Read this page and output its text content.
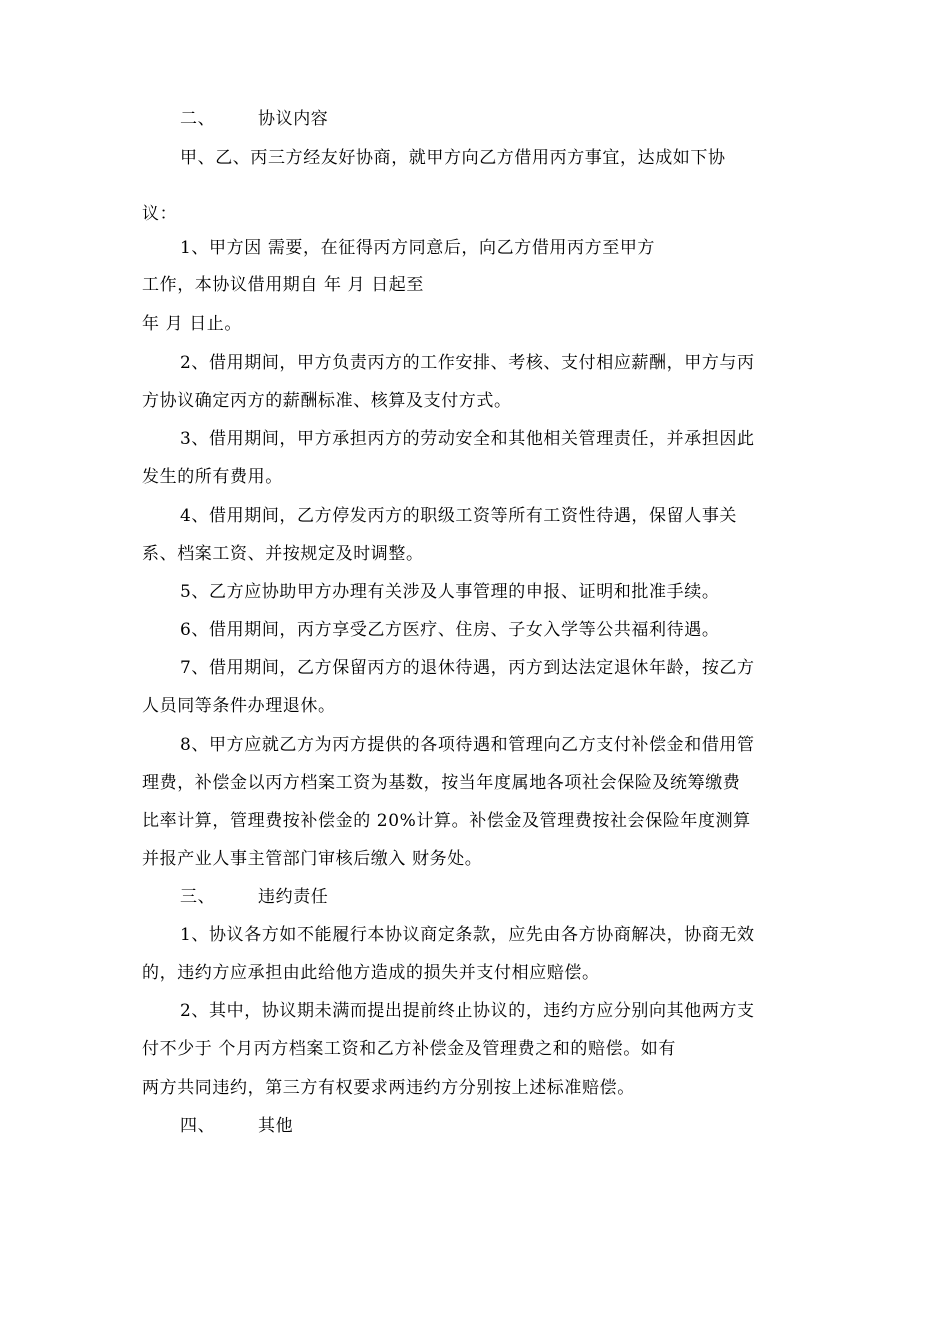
二、	协议内容
甲、乙、丙三方经友好协商，就甲方向乙方借用丙方事宜，达成如下协
议：
1、甲方因 需要，在征得丙方同意后，向乙方借用丙方至甲方
工作，本协议借用期自 年 月 日起至
年 月 日止。
2、借用期间，甲方负责丙方的工作安排、考核、支付相应薪酬，甲方与丙
方协议确定丙方的薪酬标准、核算及支付方式。
3、借用期间，甲方承担丙方的劳动安全和其他相关管理责任，并承担因此
发生的所有费用。
4、借用期间，乙方停发丙方的职级工资等所有工资性待遇，保留人事关
系、档案工资、并按规定及时调整。
5、乙方应协助甲方办理有关涉及人事管理的申报、证明和批准手续。
6、借用期间，丙方享受乙方医疗、住房、子女入学等公共福利待遇。
7、借用期间，乙方保留丙方的退休待遇，丙方到达法定退休年龄，按乙方
人员同等条件办理退休。
8、甲方应就乙方为丙方提供的各项待遇和管理向乙方支付补偿金和借用管
理费，补偿金以丙方档案工资为基数，按当年度属地各项社会保险及统筹缴费
比率计算，管理费按补偿金的 20%计算。补偿金及管理费按社会保险年度测算
并报产业人事主管部门审核后缴入 财务处。
三、	违约责任
1、协议各方如不能履行本协议商定条款，应先由各方协商解决，协商无效
的，违约方应承担由此给他方造成的损失并支付相应赔偿。
2、其中，协议期未满而提出提前终止协议的，违约方应分别向其他两方支
付不少于 个月丙方档案工资和乙方补偿金及管理费之和的赔偿。如有
两方共同违约，第三方有权要求两违约方分别按上述标准赔偿。
四、	其他
